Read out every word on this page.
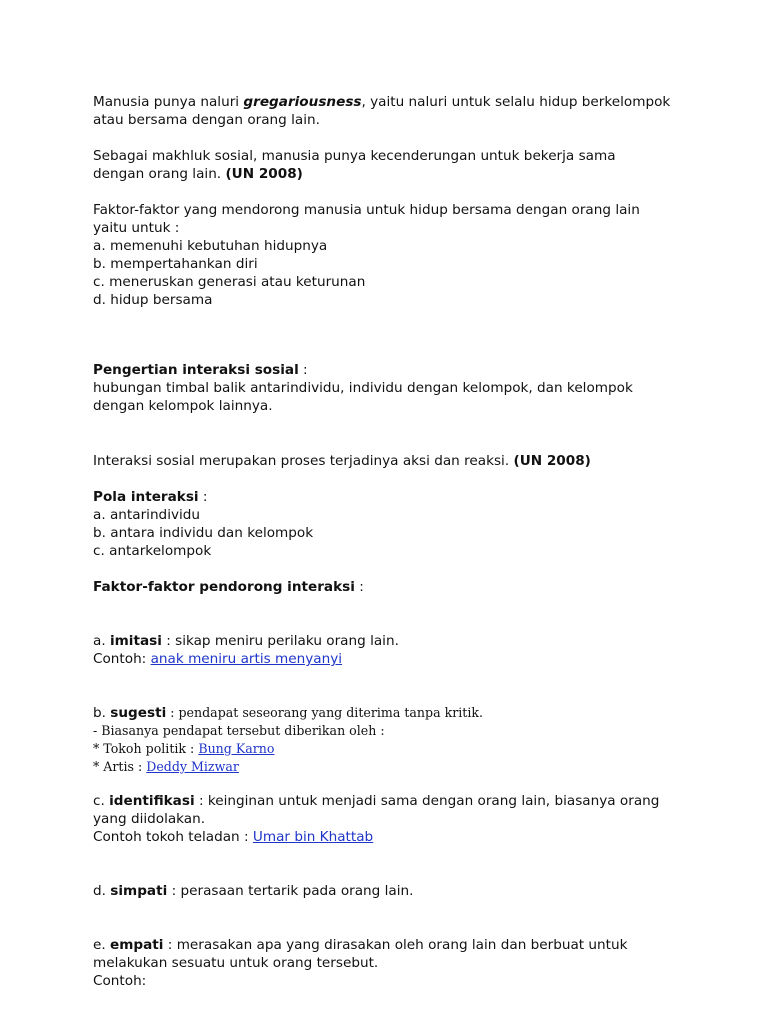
Manusia punya naluri gregariousness, yaitu naluri untuk selalu hidup berkelompok
atau bersama dengan orang lain.
Sebagai makhluk sosial, manusia punya kecenderungan untuk bekerja sama
dengan orang lain. (UN 2008)
Faktor-faktor yang mendorong manusia untuk hidup bersama dengan orang lain
yaitu untuk :
a. memenuhi kebutuhan hidupnya
b. mempertahankan diri
c. meneruskan generasi atau keturunan
d. hidup bersama
Pengertian interaksi sosial :
hubungan timbal balik antarindividu, individu dengan kelompok, dan kelompok
dengan kelompok lainnya.
Interaksi sosial merupakan proses terjadinya aksi dan reaksi. (UN 2008)
Pola interaksi :
a. antarindividu
b. antara individu dan kelompok
c. antarkelompok
Faktor-faktor pendorong interaksi :
a. imitasi : sikap meniru perilaku orang lain.
Contoh: anak meniru artis menyanyi
b. sugesti : pendapat seseorang yang diterima tanpa kritik.
- Biasanya pendapat tersebut diberikan oleh :
* Tokoh politik : Bung Karno
* Artis : Deddy Mizwar
c. identifikasi : keinginan untuk menjadi sama dengan orang lain, biasanya orang
yang diidolakan.
Contoh tokoh teladan : Umar bin Khattab
d. simpati : perasaan tertarik pada orang lain.
e. empati : merasakan apa yang dirasakan oleh orang lain dan berbuat untuk
melakukan sesuatu untuk orang tersebut.
Contoh:
